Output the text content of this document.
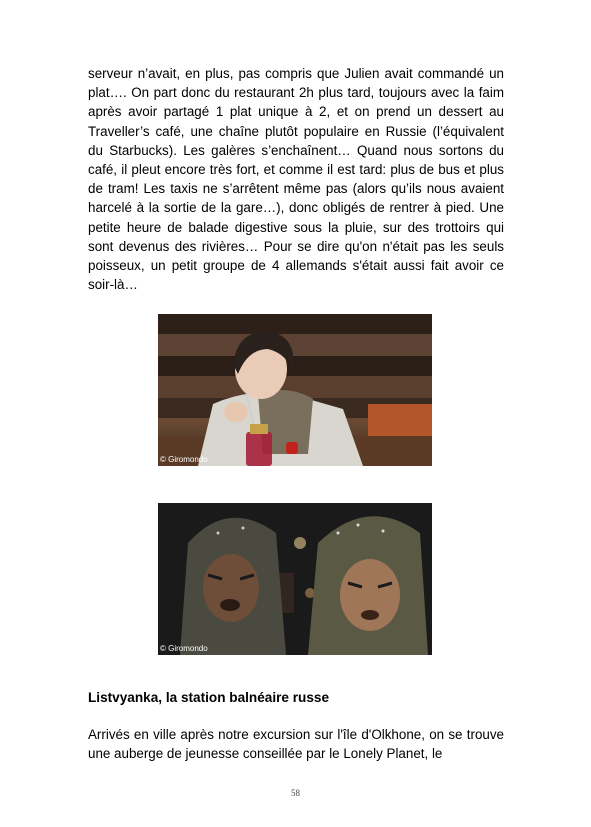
serveur n’avait, en plus, pas compris que Julien avait commandé un plat…. On part donc du restaurant 2h plus tard, toujours avec la faim après avoir partagé 1 plat unique à 2, et on prend un dessert au Traveller’s café, une chaîne plutôt populaire en Russie (l’équivalent du Starbucks). Les galères s’enchaînent… Quand nous sortons du café, il pleut encore très fort, et comme il est tard: plus de bus et plus de tram! Les taxis ne s’arrêtent même pas (alors qu’ils nous avaient harcelé à la sortie de la gare…), donc obligés de rentrer à pied. Une petite heure de balade digestive sous la pluie, sur des trottoirs qui sont devenus des rivières… Pour se dire qu'on n'était pas les seuls poisseux, un petit groupe de 4 allemands s'était aussi fait avoir ce soir-là…

© Giromondo
© Giromondo

Listvyanka, la station balnéaire russe

Arrivés en ville après notre excursion sur l'île d'Olkhone, on se trouve une auberge de jeunesse conseillée par le Lonely Planet, le

58
